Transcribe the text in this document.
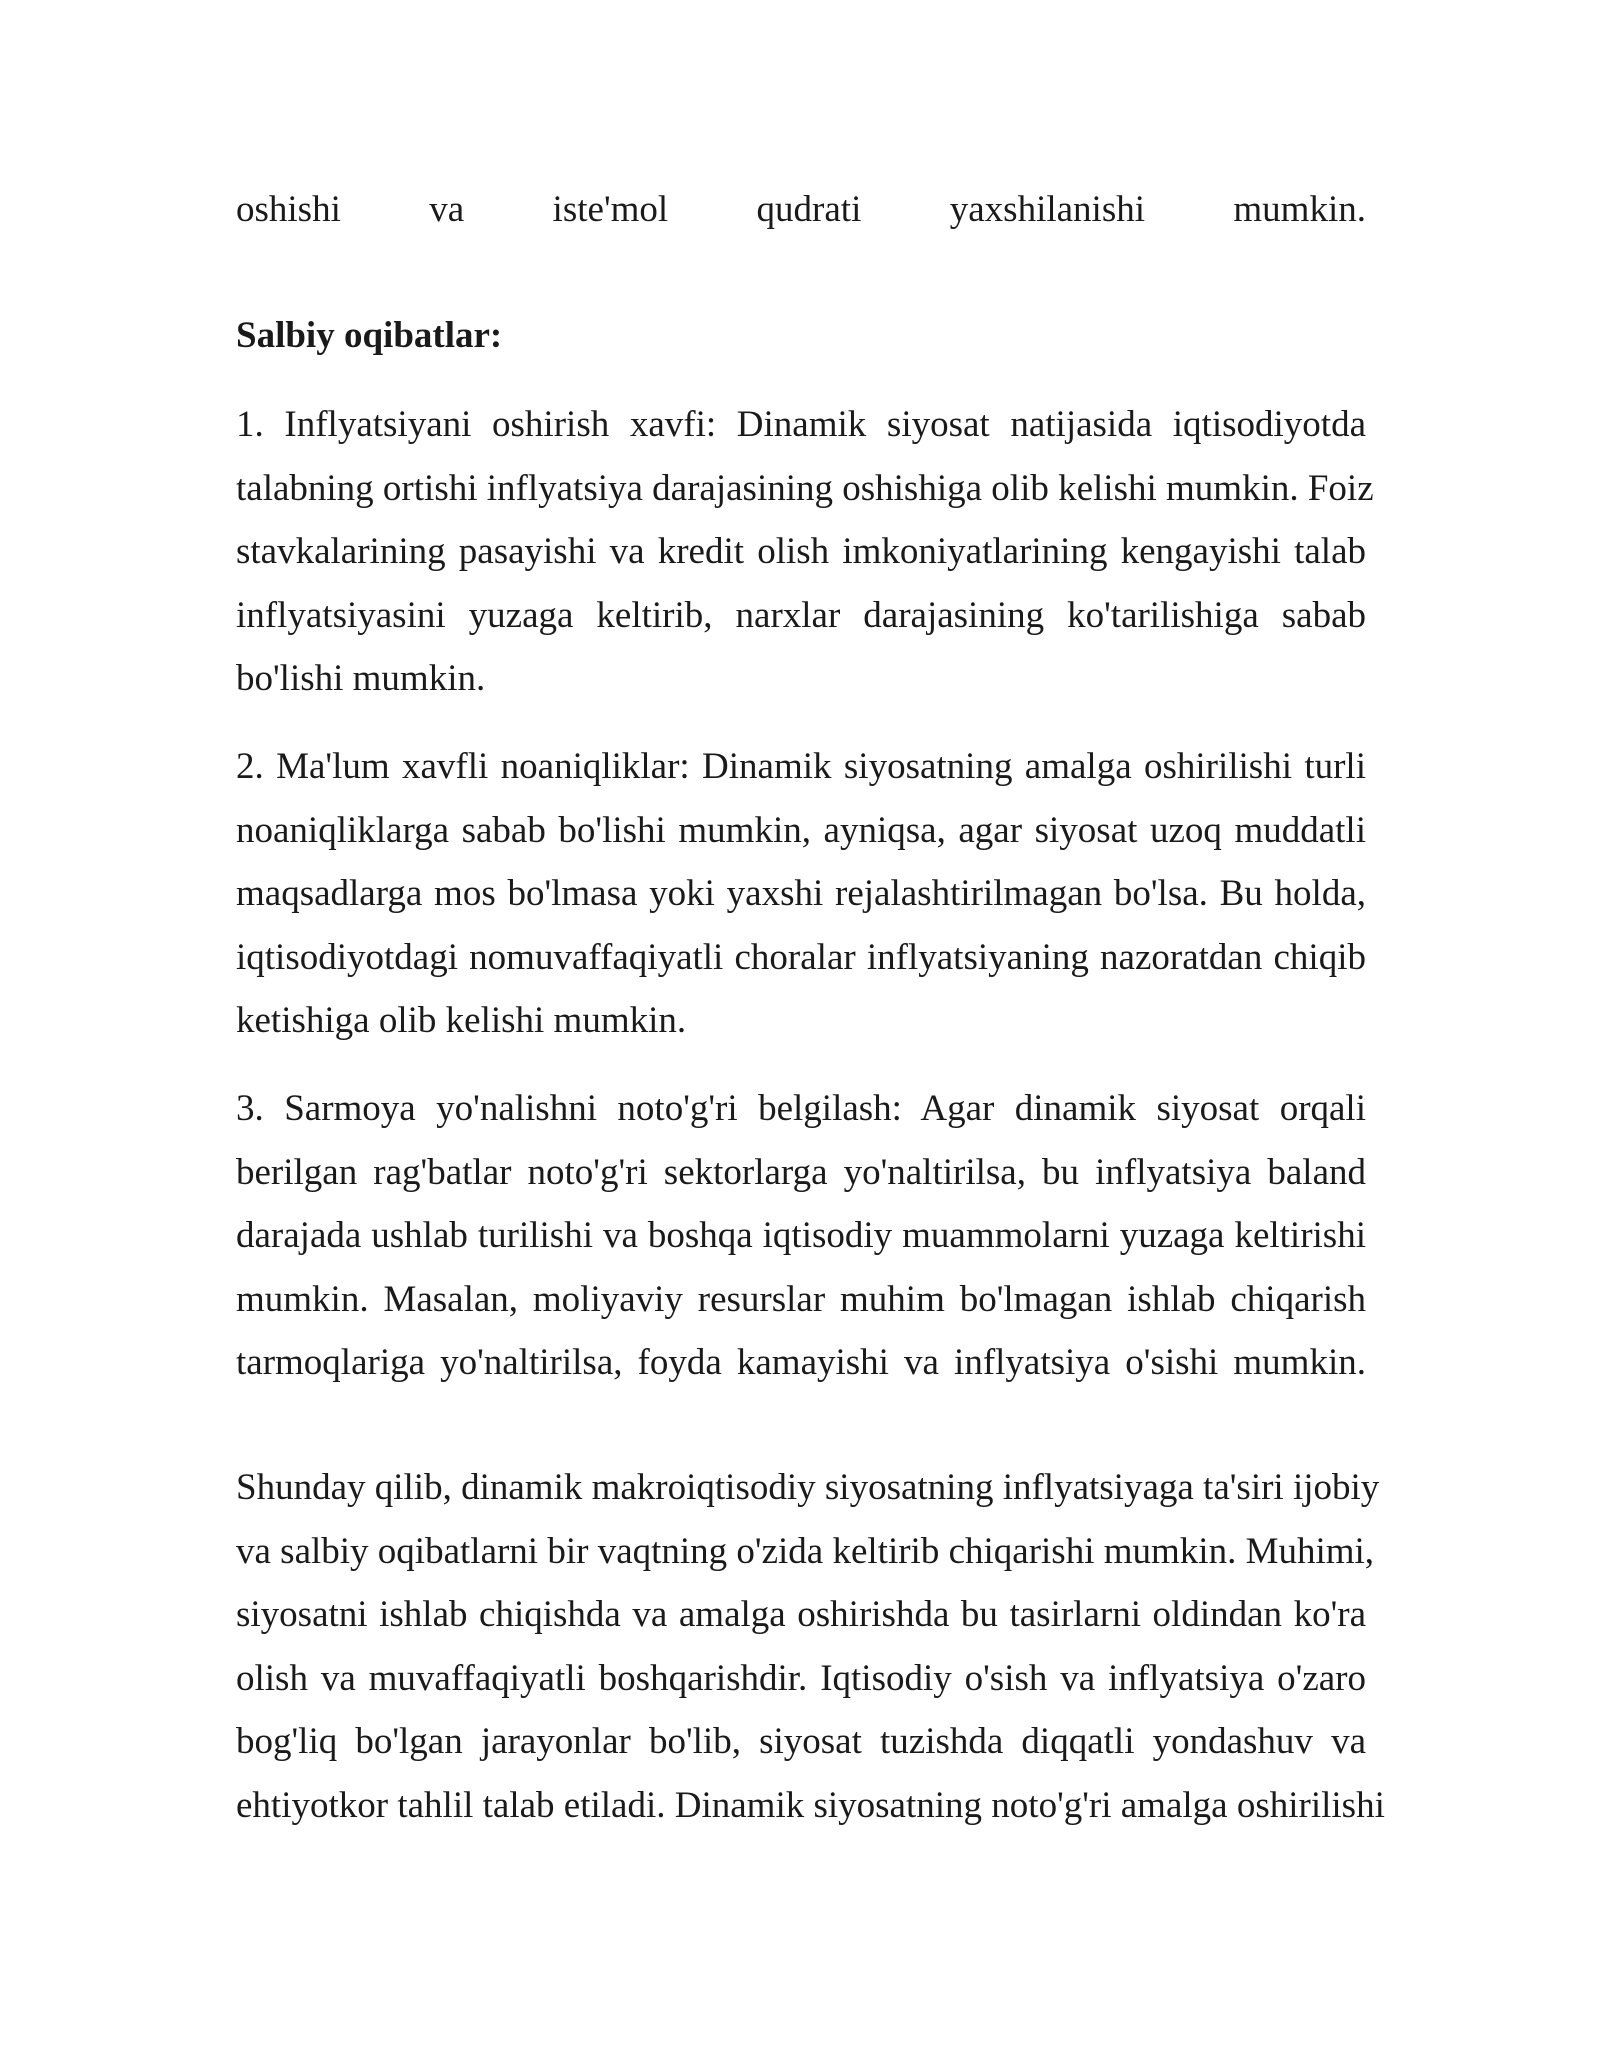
oshishi va iste'mol qudrati yaxshilanishi mumkin.
Salbiy oqibatlar:
1. Inflyatsiyani oshirish xavfi: Dinamik siyosat natijasida iqtisodiyotda
talabning ortishi inflyatsiya darajasining oshishiga olib kelishi mumkin. Foiz
stavkalarining pasayishi va kredit olish imkoniyatlarining kengayishi talab
inflyatsiyasini yuzaga keltirib, narxlar darajasining ko'tarilishiga sabab
bo'lishi mumkin.
2. Ma'lum xavfli noaniqliklar: Dinamik siyosatning amalga oshirilishi turli
noaniqliklarga sabab bo'lishi mumkin, ayniqsa, agar siyosat uzoq muddatli
maqsadlarga mos bo'lmasa yoki yaxshi rejalashtirilmagan bo'lsa. Bu holda,
iqtisodiyotdagi nomuvaffaqiyatli choralar inflyatsiyaning nazoratdan chiqib
ketishiga olib kelishi mumkin.
3. Sarmoya yo'nalishni noto'g'ri belgilash: Agar dinamik siyosat orqali
berilgan rag'batlar noto'g'ri sektorlarga yo'naltirilsa, bu inflyatsiya baland
darajada ushlab turilishi va boshqa iqtisodiy muammolarni yuzaga keltirishi
mumkin. Masalan, moliyaviy resurslar muhim bo'lmagan ishlab chiqarish
tarmoqlariga yo'naltirilsa, foyda kamayishi va inflyatsiya o'sishi mumkin.
Shunday qilib, dinamik makroiqtisodiy siyosatning inflyatsiyaga ta'siri ijobiy
va salbiy oqibatlarni bir vaqtning o'zida keltirib chiqarishi mumkin. Muhimi,
siyosatni ishlab chiqishda va amalga oshirishda bu tasirlarni oldindan ko'ra
olish va muvaffaqiyatli boshqarishdir. Iqtisodiy o'sish va inflyatsiya o'zaro
bog'liq bo'lgan jarayonlar bo'lib, siyosat tuzishda diqqatli yondashuv va
ehtiyotkor tahlil talab etiladi. Dinamik siyosatning noto'g'ri amalga oshirilishi
